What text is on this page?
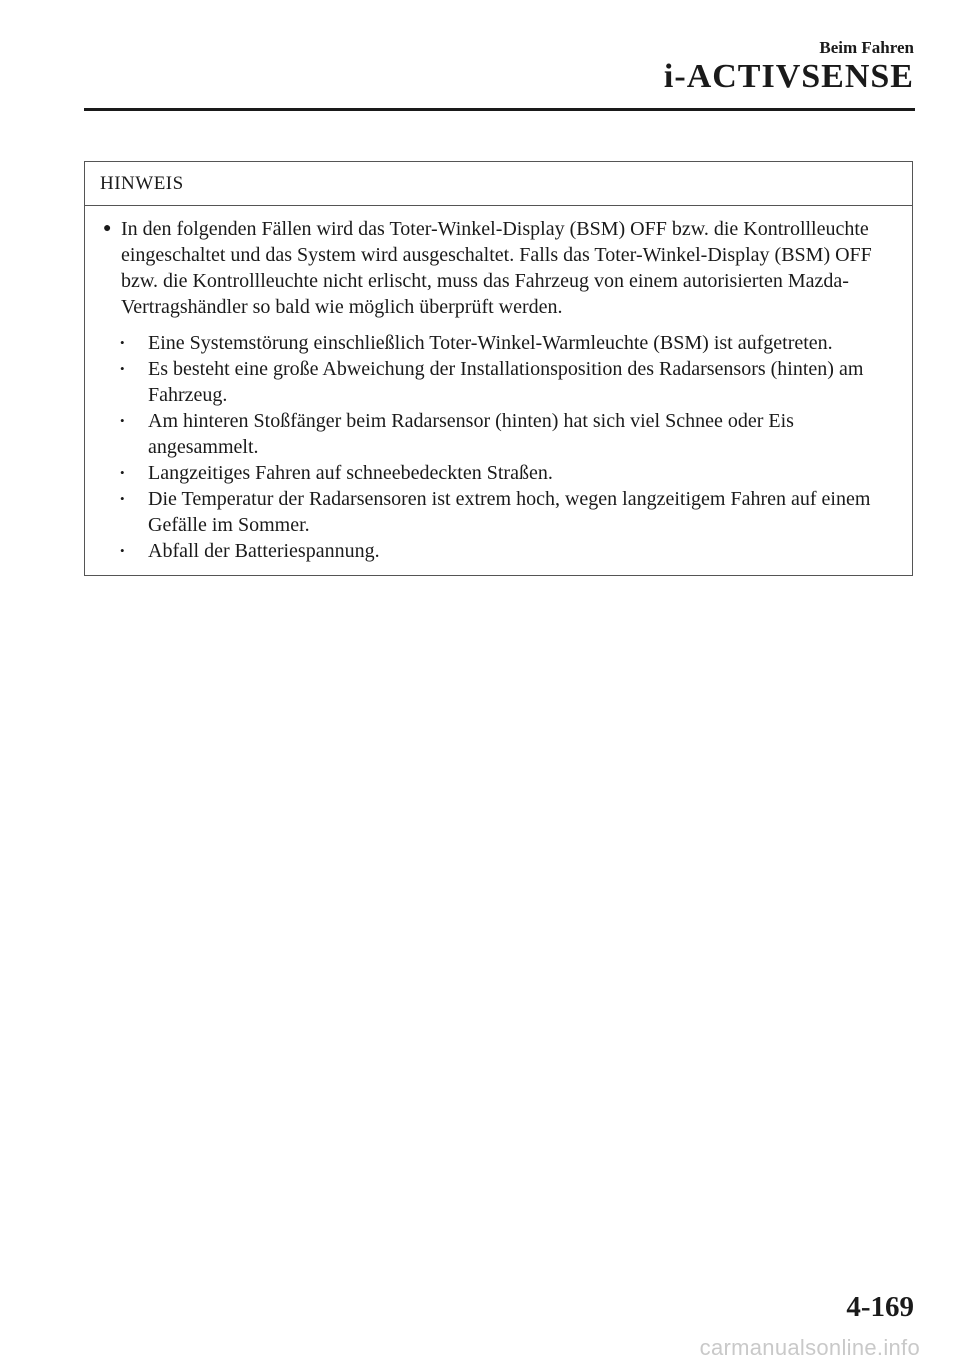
Beim Fahren
i-ACTIVSENSE
HINWEIS
● In den folgenden Fällen wird das Toter-Winkel-Display (BSM) OFF bzw. die Kontrollleuchte eingeschaltet und das System wird ausgeschaltet. Falls das Toter-Winkel-Display (BSM) OFF bzw. die Kontrollleuchte nicht erlischt, muss das Fahrzeug von einem autorisierten Mazda-Vertragshändler so bald wie möglich überprüft werden.
•	Eine Systemstörung einschließlich Toter-Winkel-Warmleuchte (BSM) ist aufgetreten.
•	Es besteht eine große Abweichung der Installationsposition des Radarsensors (hinten) am Fahrzeug.
•	Am hinteren Stoßfänger beim Radarsensor (hinten) hat sich viel Schnee oder Eis angesammelt.
•	Langzeitiges Fahren auf schneebedeckten Straßen.
•	Die Temperatur der Radarsensoren ist extrem hoch, wegen langzeitigem Fahren auf einem Gefälle im Sommer.
•	Abfall der Batteriespannung.
4-169
carmanualsonline.info
